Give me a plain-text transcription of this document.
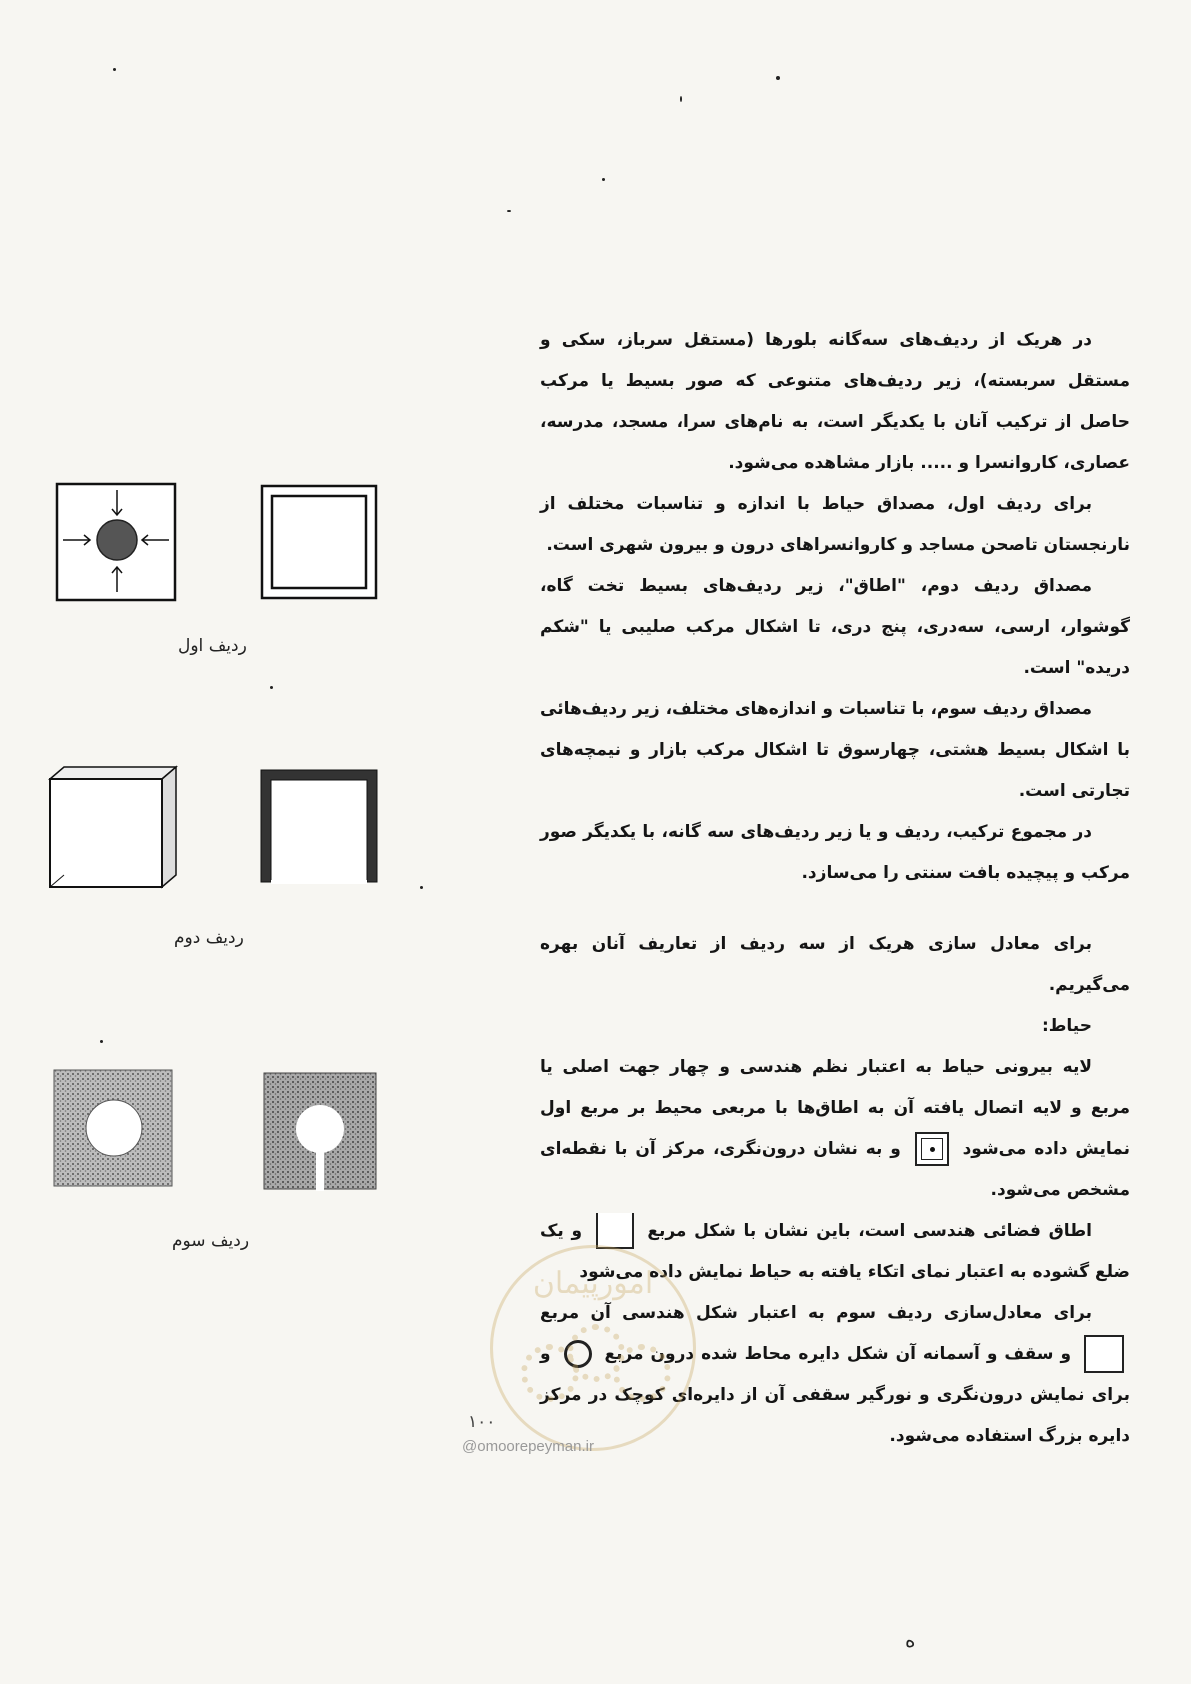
در هریک از ردیف‌های سه‌گانه بلورها (مستقل سرباز، سکی و مستقل سربسته)، زیر ردیف‌های متنوعی که صور بسیط یا مرکب حاصل از ترکیب آنان با یکدیگر است، به نام‌های سرا، مسجد، مدرسه، عصاری، کاروانسرا و ..... بازار مشاهده می‌شود.

برای ردیف اول، مصداق حیاط با اندازه و تناسبات مختلف از نارنجستان تاصحن مساجد و کاروانسراهای درون و بیرون شهری است.

مصداق ردیف دوم، "اطاق"، زیر ردیف‌های بسیط تخت گاه، گوشوار، ارسی، سه‌دری، پنج دری، تا اشکال مرکب صلیبی یا "شکم دریده" است.

مصداق ردیف سوم، با تناسبات و اندازه‌های مختلف، زیر ردیف‌هائی با اشکال بسیط هشتی، چهارسوق تا اشکال مرکب بازار و نیمچه‌های تجارتی است.

در مجموع ترکیب، ردیف و یا زیر ردیف‌های سه گانه، با یکدیگر صور مرکب و پیچیده بافت سنتی را می‌سازد.

برای معادل سازی هریک از سه ردیف از تعاریف آنان بهره می‌گیریم.

حیاط:

لایه بیرونی حیاط به اعتبار نظم هندسی و چهار جهت اصلی یا مربع و لایه اتصال یافته آن به اطاق‌ها با مربعی محیط بر مربع اول نمایش داده می‌شود  و به نشان درون‌نگری، مرکز آن با نقطه‌ای مشخص می‌شود.

اطاق فضائی هندسی است، باین نشان با شکل مربع  و یک ضلع گشوده به اعتبار نمای اتکاء یافته به حیاط نمایش داده می‌شود

برای معادل‌سازی ردیف سوم به اعتبار شکل هندسی آن مربع  و سقف و آسمانه آن شکل دایره محاط شده درون مربع  و برای نمایش درون‌نگری و نورگیر سقفی آن از دایره‌ای کوچک در مرکز دایره بزرگ استفاده می‌شود.

ردیف اول
ردیف دوم
ردیف سوم
امورپیمان
۱۰۰
@omoorepeyman.ir
ه
